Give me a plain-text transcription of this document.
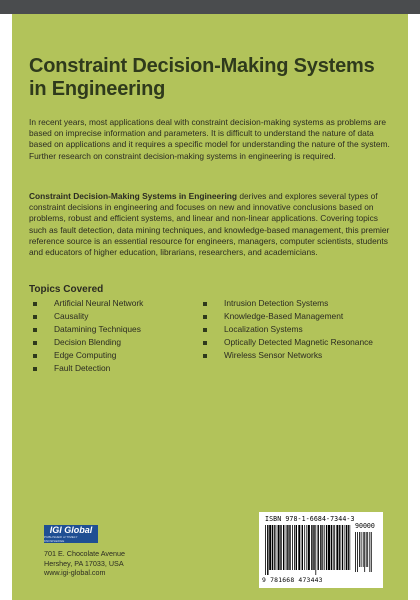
Constraint Decision-Making Systems in Engineering

In recent years, most applications deal with constraint decision-making systems as problems are based on imprecise information and parameters. It is difficult to understand the nature of data based on applications and it requires a specific model for understanding the nature of the system. Further research on constraint decision-making systems in engineering is required.

Constraint Decision-Making Systems in Engineering derives and explores several types of constraint decisions in engineering and focuses on new and innovative conclusions based on problems, robust and efficient systems, and linear and non-linear applications. Covering topics such as fault detection, data mining techniques, and knowledge-based management, this premier reference source is an essential resource for engineers, managers, computer scientists, students and educators of higher education, librarians, researchers, and academicians.

Topics Covered
Artificial Neural Network
Causality
Datamining Techniques
Decision Blending
Edge Computing
Fault Detection
Intrusion Detection Systems
Knowledge-Based Management
Localization Systems
Optically Detected Magnetic Resonance
Wireless Sensor Networks
IGI Global
PUBLISHER of TIMELY KNOWLEDGE

701 E. Chocolate Avenue
Hershey, PA 17033, USA
www.igi-global.com

ISBN 978-1-6684-7344-3
90000
9 781668 473443
